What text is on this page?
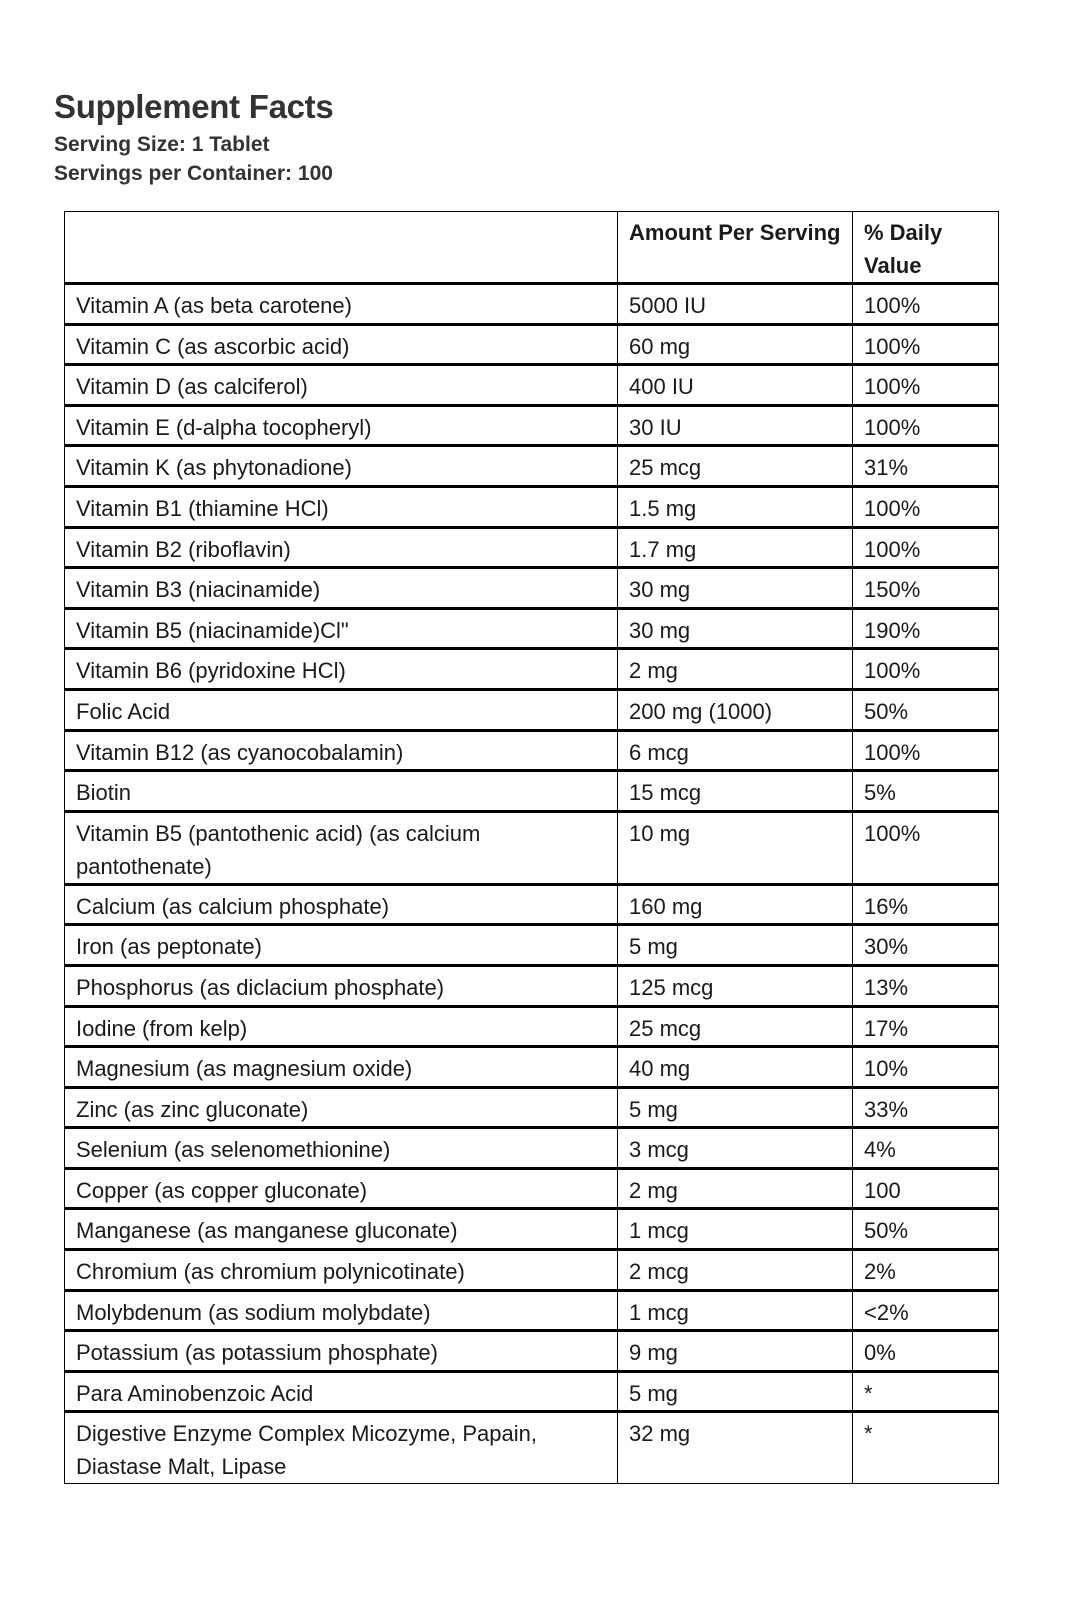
Supplement Facts
Serving Size: 1 Tablet
Servings per Container: 100
	Amount Per Serving	% Daily Value
Vitamin A (as beta carotene)	5000 IU	100%
Vitamin C (as ascorbic acid)	60 mg	100%
Vitamin D (as calciferol)	400 IU	100%
Vitamin E (d-alpha tocopheryl)	30 IU	100%
Vitamin K (as phytonadione)	25 mcg	31%
Vitamin B1 (thiamine HCl)	1.5 mg	100%
Vitamin B2 (riboflavin)	1.7 mg	100%
Vitamin B3 (niacinamide)	30 mg	150%
Vitamin B5 (niacinamide)Cl"	30 mg	190%
Vitamin B6 (pyridoxine HCl)	2 mg	100%
Folic Acid	200 mg (1000)	50%
Vitamin B12 (as cyanocobalamin)	6 mcg	100%
Biotin	15 mcg	5%
Vitamin B5 (pantothenic acid) (as calcium pantothenate)	10 mg	100%
Calcium (as calcium phosphate)	160 mg	16%
Iron (as peptonate)	5 mg	30%
Phosphorus (as diclacium phosphate)	125 mcg	13%
Iodine (from kelp)	25 mcg	17%
Magnesium (as magnesium oxide)	40 mg	10%
Zinc (as zinc gluconate)	5 mg	33%
Selenium (as selenomethionine)	3 mcg	4%
Copper (as copper gluconate)	2 mg	100
Manganese (as manganese gluconate)	1 mcg	50%
Chromium (as chromium polynicotinate)	2 mcg	2%
Molybdenum (as sodium molybdate)	1 mcg	<2%
Potassium (as potassium phosphate)	9 mg	0%
Para Aminobenzoic Acid	5 mg	*
Digestive Enzyme Complex Micozyme, Papain, Diastase Malt, Lipase	32 mg	*
